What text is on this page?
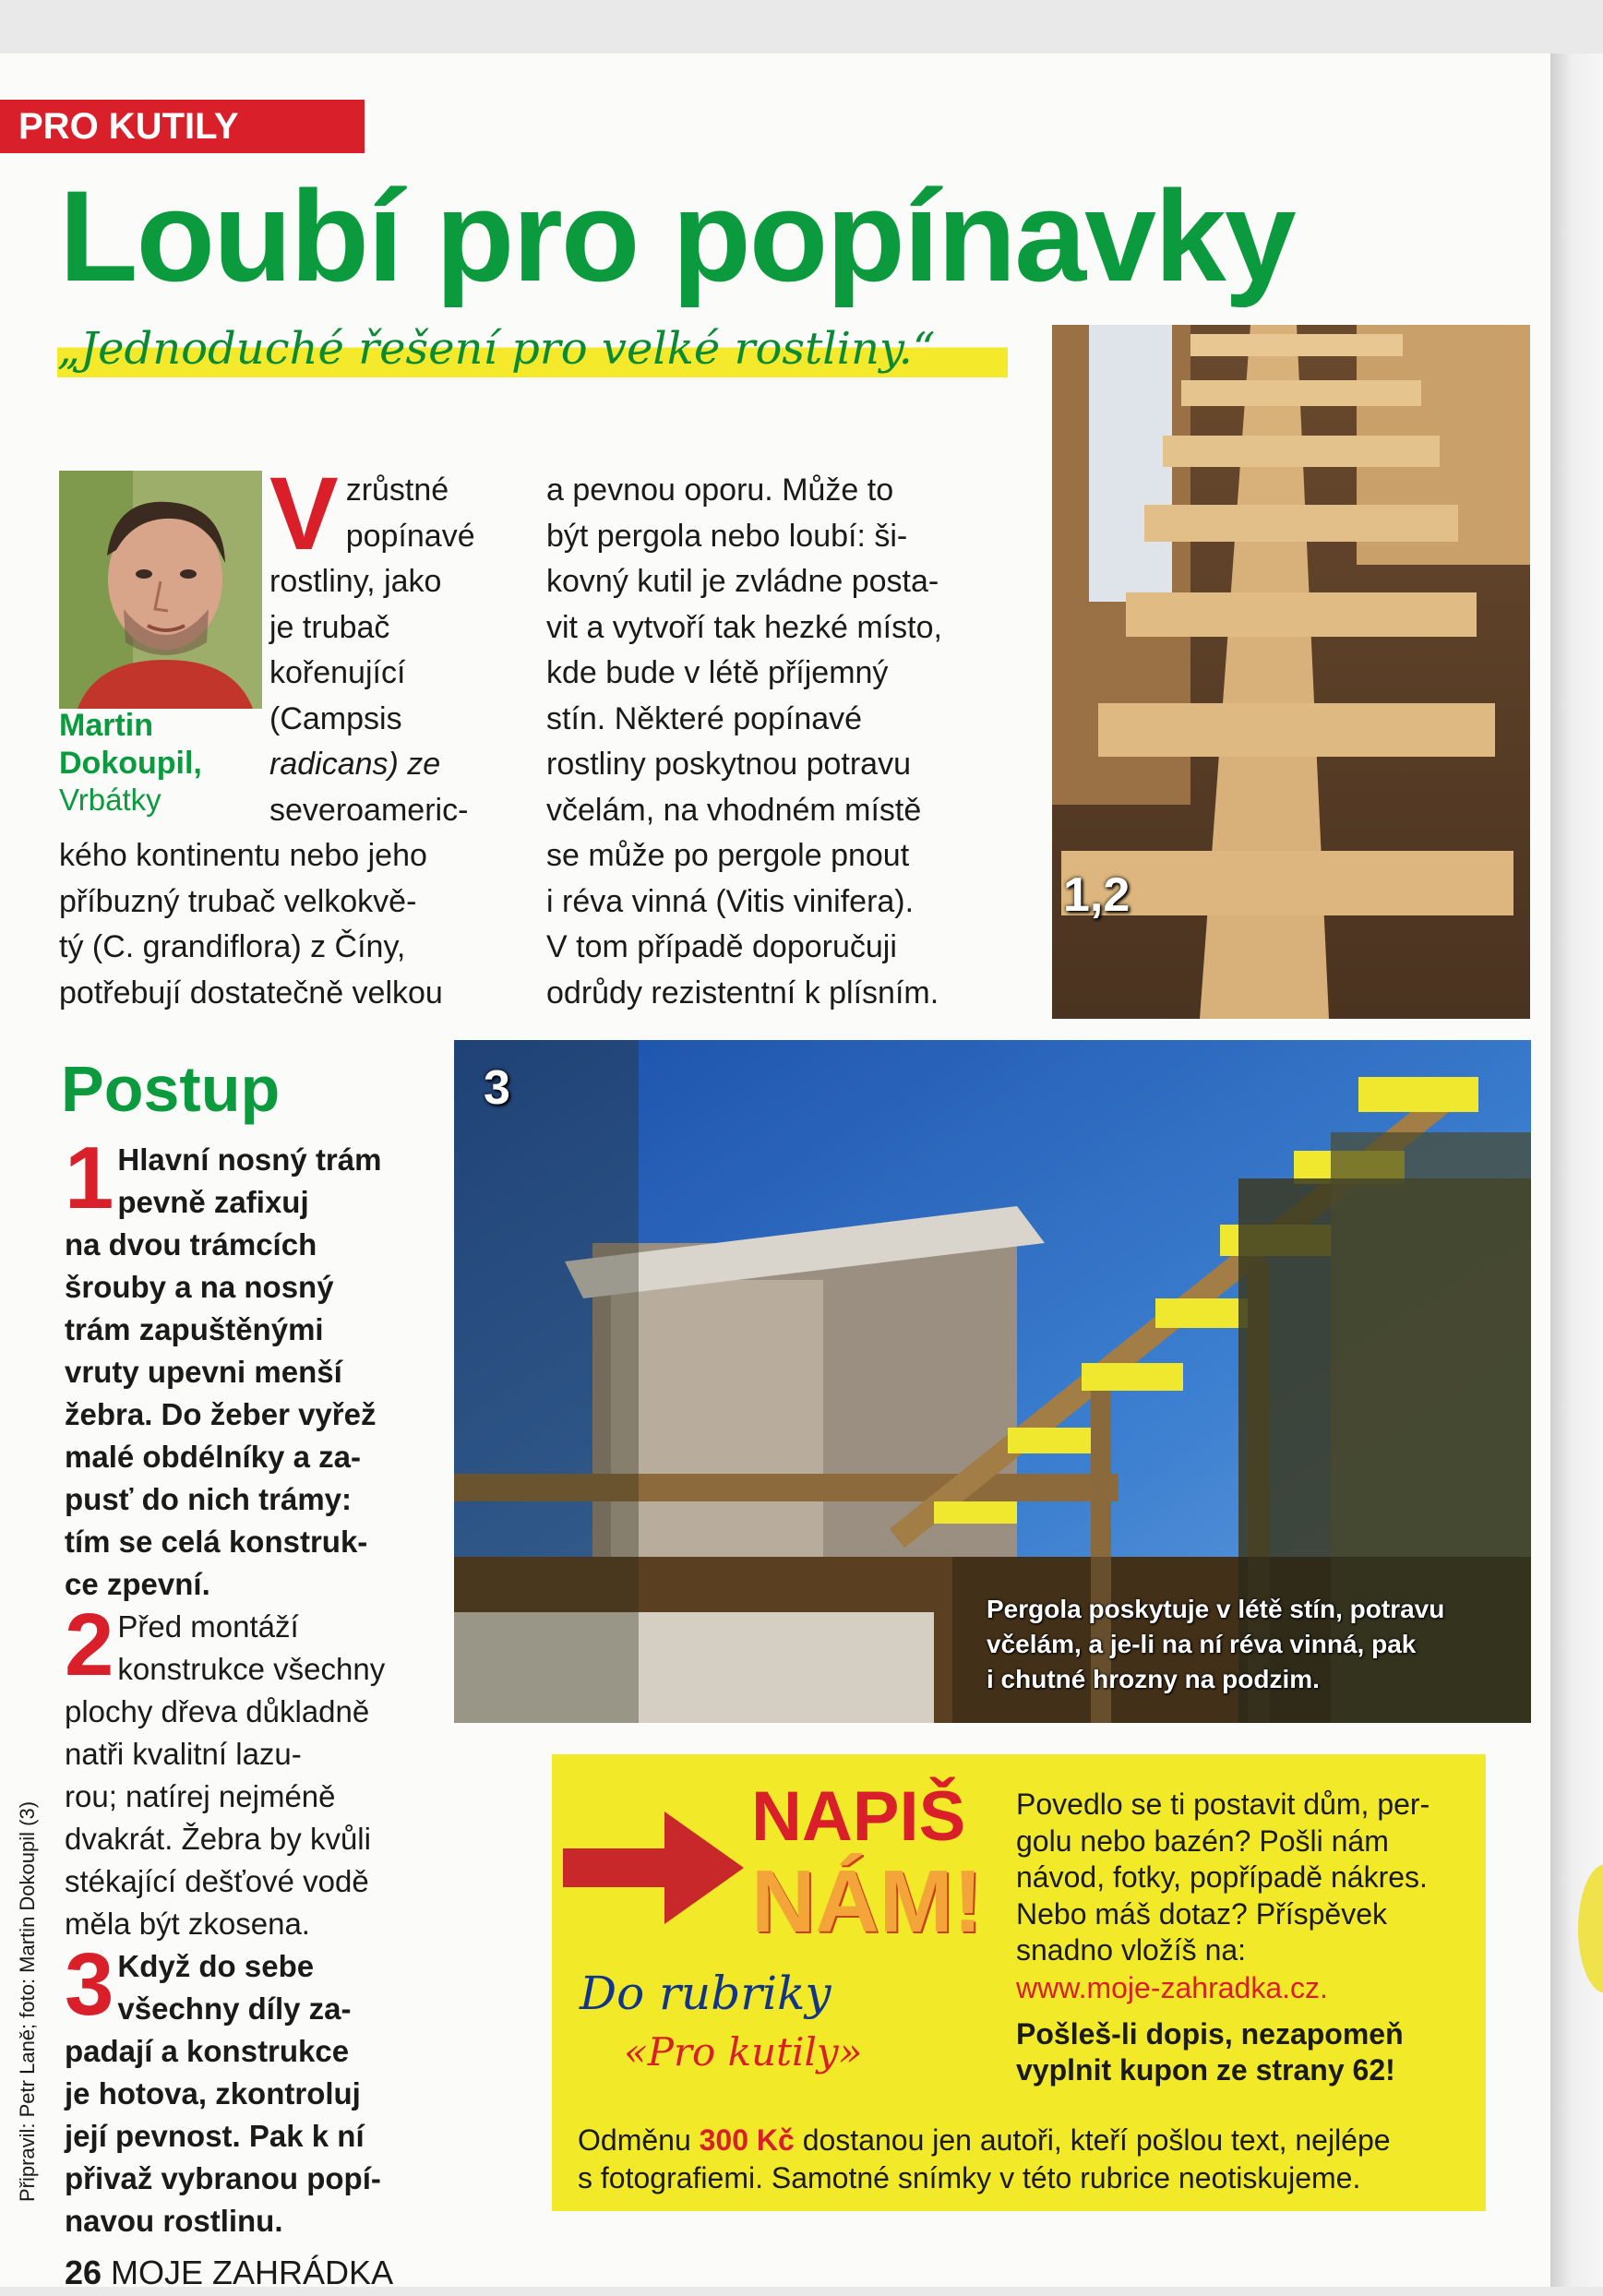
PRO KUTILY
Loubí pro popínavky
„Jednoduché řešení pro velké rostliny.“
Martin
Dokoupil,
Vrbátky
V zrůstné
popínavé
rostliny, jako
je trubač
kořenující
(Campsis
radicans) ze
severoameric-
kého kontinentu nebo jeho
příbuzný trubač velkokvě-
tý (C. grandiflora) z Číny,
potřebují dostatečně velkou
a pevnou oporu. Může to
být pergola nebo loubí: ši-
kovný kutil je zvládne posta-
vit a vytvoří tak hezké místo,
kde bude v létě příjemný
stín. Některé popínavé
rostliny poskytnou potravu
včelám, na vhodném místě
se může po pergole pnout
i réva vinná (Vitis vinifera).
V tom případě doporučuji
odrůdy rezistentní k plísním.
1,2
3
Pergola poskytuje v létě stín, potravu
včelám, a je-li na ní réva vinná, pak
i chutné hrozny na podzim.
Postup
1 Hlavní nosný trám
pevně zafixuj
na dvou trámcích
šrouby a na nosný
trám zapuštěnými
vruty upevni menší
žebra. Do žeber vyřež
malé obdélníky a za-
pusť do nich trámy:
tím se celá konstruk-
ce zpevní.
2 Před montáží
konstrukce všechny
plochy dřeva důkladně
natři kvalitní lazu-
rou; natírej nejméně
dvakrát. Žebra by kvůli
stékající dešťové vodě
měla být zkosena.
3 Když do sebe
všechny díly za-
padají a konstrukce
je hotova, zkontroluj
její pevnost. Pak k ní
přivaž vybranou popí-
navou rostlinu.
Připravil: Petr Laně; foto: Martin Dokoupil (3)
26 MOJE ZAHRÁDKA
NAPIŠ
NÁM!
Do rubriky
«Pro kutily»
Povedlo se ti postavit dům, per-
golu nebo bazén? Pošli nám
návod, fotky, popřípadě nákres.
Nebo máš dotaz? Příspěvek
snadno vložíš na:
www.moje-zahradka.cz.
Pošleš-li dopis, nezapomeň
vyplnit kupon ze strany 62!
Odměnu 300 Kč dostanou jen autoři, kteří pošlou text, nejlépe
s fotografiemi. Samotné snímky v této rubrice neotiskujeme.
